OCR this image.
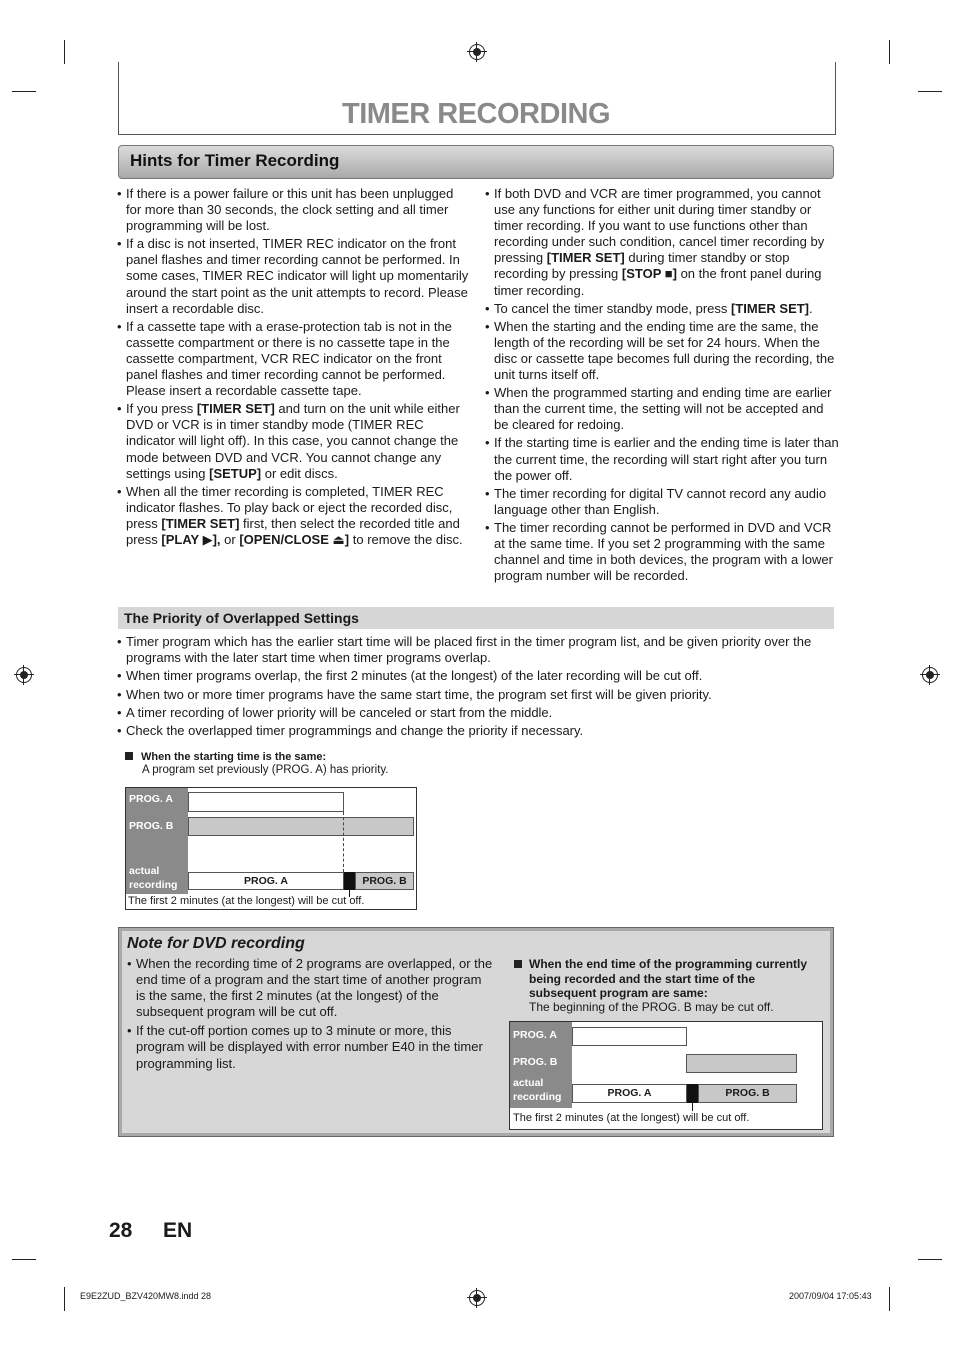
TIMER RECORDING
Hints for Timer Recording
• If there is a power failure or this unit has been unplugged for more than 30 seconds, the clock setting and all timer programming will be lost.
• If a disc is not inserted, TIMER REC indicator on the front panel flashes and timer recording cannot be performed. In some cases, TIMER REC indicator will light up momentarily around the start point as the unit attempts to record. Please insert a recordable disc.
• If a cassette tape with a erase-protection tab is not in the cassette compartment or there is no cassette tape in the cassette compartment, VCR REC indicator on the front panel flashes and timer recording cannot be performed. Please insert a recordable cassette tape.
• If you press [TIMER SET] and turn on the unit while either DVD or VCR is in timer standby mode (TIMER REC indicator will light off). In this case, you cannot change the mode between DVD and VCR. You cannot change any settings using [SETUP] or edit discs.
• When all the timer recording is completed, TIMER REC indicator flashes. To play back or eject the recorded disc, press [TIMER SET] first, then select the recorded title and press [PLAY ▶], or [OPEN/CLOSE ⏏] to remove the disc.
• If both DVD and VCR are timer programmed, you cannot use any functions for either unit during timer standby or timer recording. If you want to use functions other than recording under such condition, cancel timer recording by pressing [TIMER SET] during timer standby or stop recording by pressing [STOP ■] on the front panel during timer recording.
• To cancel the timer standby mode, press [TIMER SET].
• When the starting and the ending time are the same, the length of the recording will be set for 24 hours. When the disc or cassette tape becomes full during the recording, the unit turns itself off.
• When the programmed starting and ending time are earlier than the current time, the setting will not be accepted and be cleared for redoing.
• If the starting time is earlier and the ending time is later than the current time, the recording will start right after you turn the power off.
• The timer recording for digital TV cannot record any audio language other than English.
• The timer recording cannot be performed in DVD and VCR at the same time. If you set 2 programming with the same channel and time in both devices, the program with a lower program number will be recorded.
The Priority of Overlapped Settings
• Timer program which has the earlier start time will be placed first in the timer program list, and be given priority over the programs with the later start time when timer programs overlap.
• When timer programs overlap, the first 2 minutes (at the longest) of the later recording will be cut off.
• When two or more timer programs have the same start time, the program set first will be given priority.
• A timer recording of lower priority will be canceled or start from the middle.
• Check the overlapped timer programmings and change the priority if necessary.
When the starting time is the same:
A program set previously (PROG. A) has priority.
PROG. A
PROG. B
actual
recording	PROG. A	PROG. B
The first 2 minutes (at the longest) will be cut off.
Note for DVD recording
• When the recording time of 2 programs are overlapped, or the end time of a program and the start time of another program is the same, the first 2 minutes (at the longest) of the subsequent program will be cut off.
• If the cut-off portion comes up to 3 minute or more, this program will be displayed with error number E40 in the timer programming list.
When the end time of the programming currently being recorded and the start time of the subsequent program are same:
The beginning of the PROG. B may be cut off.
PROG. A
PROG. B
actual
recording	PROG. A	PROG. B
The first 2 minutes (at the longest) will be cut off.
28 EN
E9E2ZUD_BZV420MW8.indd 28	2007/09/04 17:05:43
